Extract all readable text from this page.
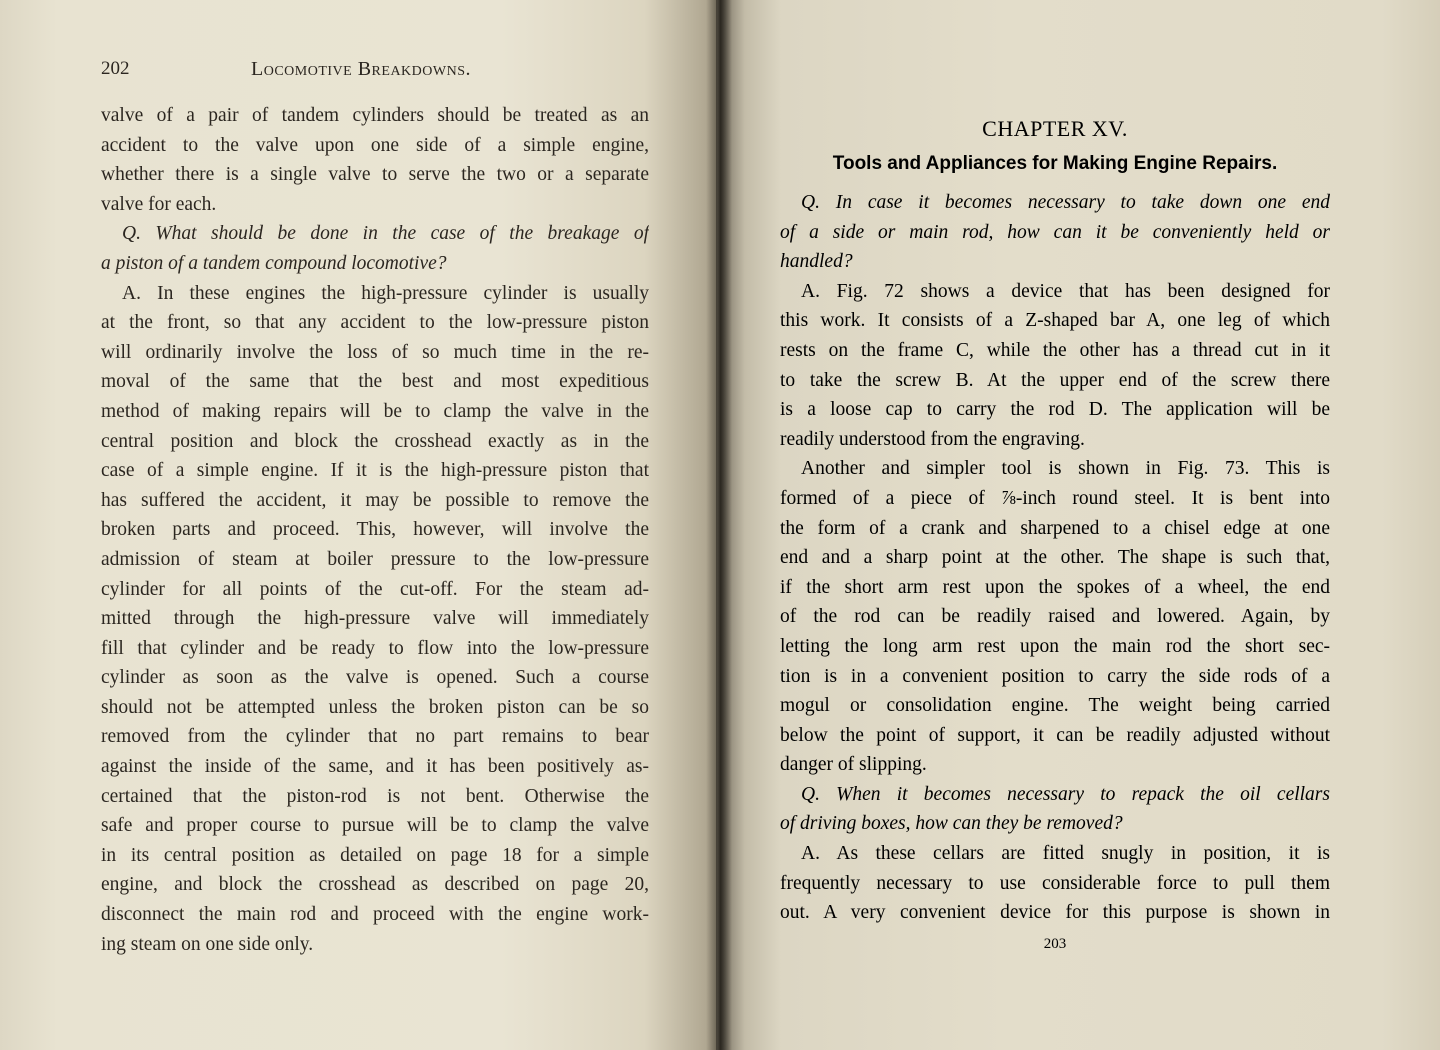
202	Locomotive Breakdowns.
valve of a pair of tandem cylinders should be treated as an
accident to the valve upon one side of a simple engine,
whether there is a single valve to serve the two or a separate
valve for each.
Q. What should be done in the case of the breakage of
a piston of a tandem compound locomotive?
A. In these engines the high-pressure cylinder is usually
at the front, so that any accident to the low-pressure piston
will ordinarily involve the loss of so much time in the re-
moval of the same that the best and most expeditious
method of making repairs will be to clamp the valve in the
central position and block the crosshead exactly as in the
case of a simple engine. If it is the high-pressure piston that
has suffered the accident, it may be possible to remove the
broken parts and proceed. This, however, will involve the
admission of steam at boiler pressure to the low-pressure
cylinder for all points of the cut-off. For the steam ad-
mitted through the high-pressure valve will immediately
fill that cylinder and be ready to flow into the low-pressure
cylinder as soon as the valve is opened. Such a course
should not be attempted unless the broken piston can be so
removed from the cylinder that no part remains to bear
against the inside of the same, and it has been positively as-
certained that the piston-rod is not bent. Otherwise the
safe and proper course to pursue will be to clamp the valve
in its central position as detailed on page 18 for a simple
engine, and block the crosshead as described on page 20,
disconnect the main rod and proceed with the engine work-
ing steam on one side only.
CHAPTER XV.
Tools and Appliances for Making Engine Repairs.
Q. In case it becomes necessary to take down one end
of a side or main rod, how can it be conveniently held or
handled?
A. Fig. 72 shows a device that has been designed for
this work. It consists of a Z-shaped bar A, one leg of which
rests on the frame C, while the other has a thread cut in it
to take the screw B. At the upper end of the screw there
is a loose cap to carry the rod D. The application will be
readily understood from the engraving.
Another and simpler tool is shown in Fig. 73. This is
formed of a piece of ⅞-inch round steel. It is bent into
the form of a crank and sharpened to a chisel edge at one
end and a sharp point at the other. The shape is such that,
if the short arm rest upon the spokes of a wheel, the end
of the rod can be readily raised and lowered. Again, by
letting the long arm rest upon the main rod the short sec-
tion is in a convenient position to carry the side rods of a
mogul or consolidation engine. The weight being carried
below the point of support, it can be readily adjusted without
danger of slipping.
Q. When it becomes necessary to repack the oil cellars
of driving boxes, how can they be removed?
A. As these cellars are fitted snugly in position, it is
frequently necessary to use considerable force to pull them
out. A very convenient device for this purpose is shown in
203
